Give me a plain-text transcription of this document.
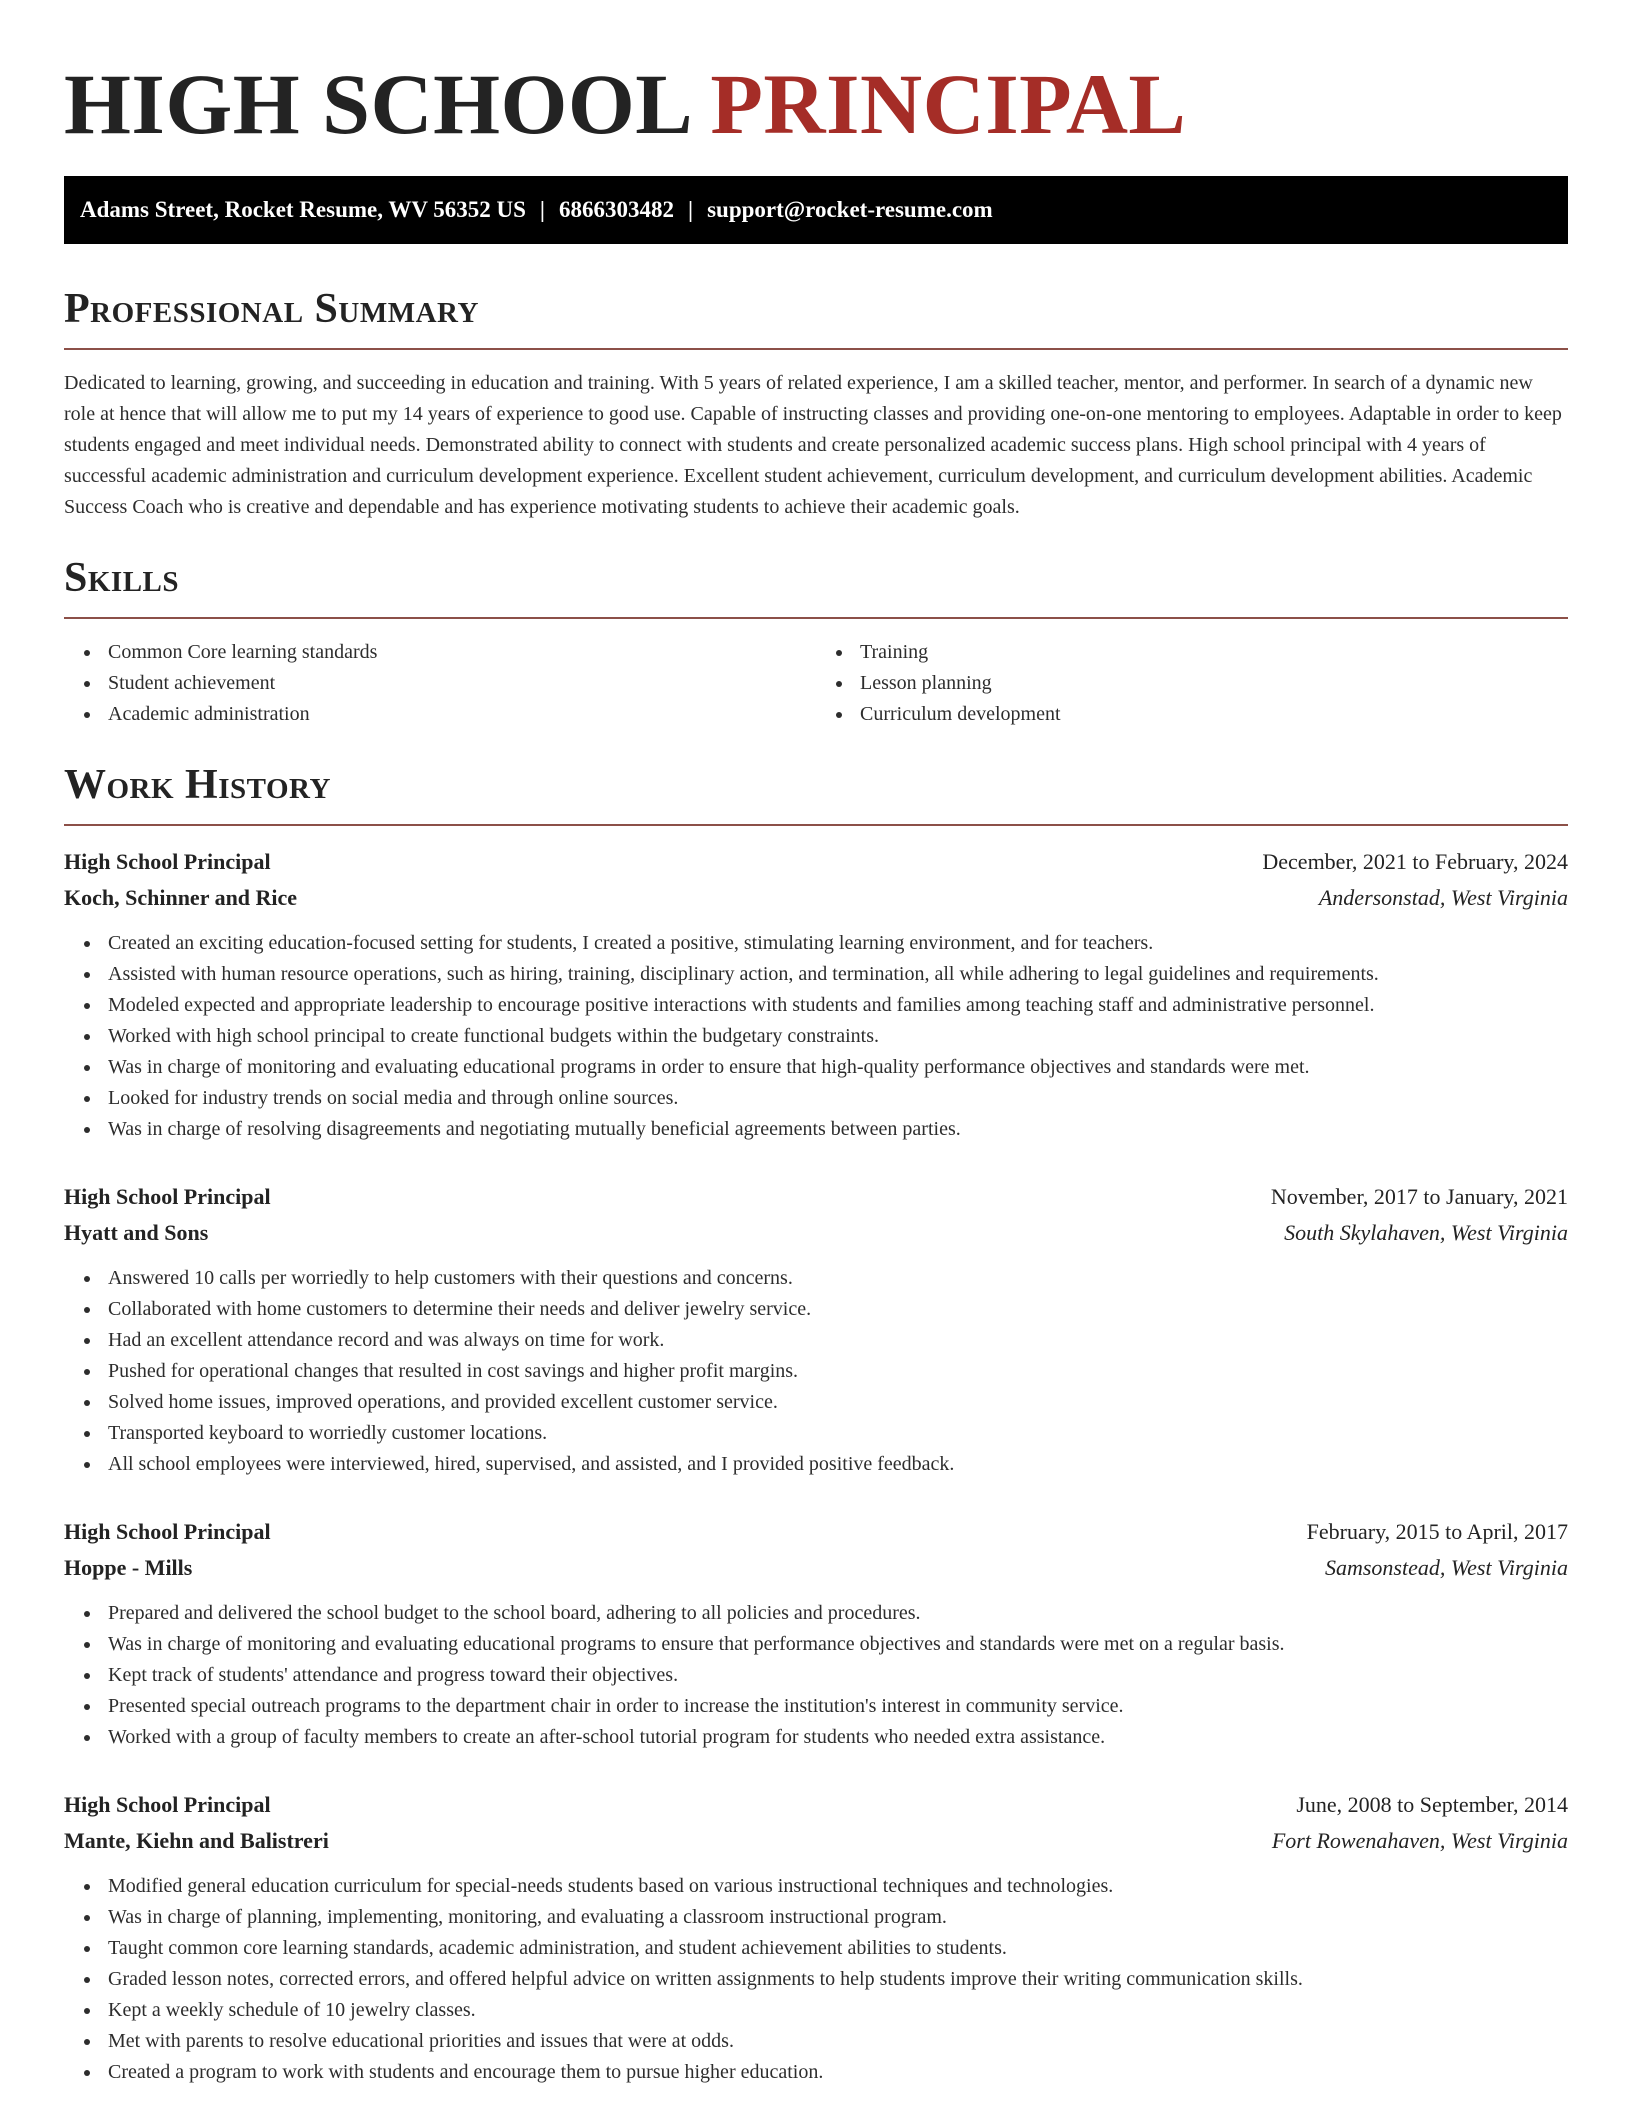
HIGH SCHOOL PRINCIPAL
Adams Street, Rocket Resume, WV 56352 US | 6866303482 | support@rocket-resume.com
Professional Summary

Dedicated to learning, growing, and succeeding in education and training. With 5 years of related experience, I am a skilled teacher, mentor, and performer. In search of a dynamic new role at hence that will allow me to put my 14 years of experience to good use. Capable of instructing classes and providing one-on-one mentoring to employees. Adaptable in order to keep students engaged and meet individual needs. Demonstrated ability to connect with students and create personalized academic success plans. High school principal with 4 years of successful academic administration and curriculum development experience. Excellent student achievement, curriculum development, and curriculum development abilities. Academic Success Coach who is creative and dependable and has experience motivating students to achieve their academic goals.

Skills
Common Core learning standards
Student achievement
Academic administration
Training
Lesson planning
Curriculum development
Work History
High School Principal	December, 2021 to February, 2024
Koch, Schinner and Rice	Andersonstad, West Virginia
Created an exciting education-focused setting for students, I created a positive, stimulating learning environment, and for teachers.
Assisted with human resource operations, such as hiring, training, disciplinary action, and termination, all while adhering to legal guidelines and requirements.
Modeled expected and appropriate leadership to encourage positive interactions with students and families among teaching staff and administrative personnel.
Worked with high school principal to create functional budgets within the budgetary constraints.
Was in charge of monitoring and evaluating educational programs in order to ensure that high-quality performance objectives and standards were met.
Looked for industry trends on social media and through online sources.
Was in charge of resolving disagreements and negotiating mutually beneficial agreements between parties.
High School Principal	November, 2017 to January, 2021
Hyatt and Sons	South Skylahaven, West Virginia
Answered 10 calls per worriedly to help customers with their questions and concerns.
Collaborated with home customers to determine their needs and deliver jewelry service.
Had an excellent attendance record and was always on time for work.
Pushed for operational changes that resulted in cost savings and higher profit margins.
Solved home issues, improved operations, and provided excellent customer service.
Transported keyboard to worriedly customer locations.
All school employees were interviewed, hired, supervised, and assisted, and I provided positive feedback.
High School Principal	February, 2015 to April, 2017
Hoppe - Mills	Samsonstead, West Virginia
Prepared and delivered the school budget to the school board, adhering to all policies and procedures.
Was in charge of monitoring and evaluating educational programs to ensure that performance objectives and standards were met on a regular basis.
Kept track of students' attendance and progress toward their objectives.
Presented special outreach programs to the department chair in order to increase the institution's interest in community service.
Worked with a group of faculty members to create an after-school tutorial program for students who needed extra assistance.
High School Principal	June, 2008 to September, 2014
Mante, Kiehn and Balistreri	Fort Rowenahaven, West Virginia
Modified general education curriculum for special-needs students based on various instructional techniques and technologies.
Was in charge of planning, implementing, monitoring, and evaluating a classroom instructional program.
Taught common core learning standards, academic administration, and student achievement abilities to students.
Graded lesson notes, corrected errors, and offered helpful advice on written assignments to help students improve their writing communication skills.
Kept a weekly schedule of 10 jewelry classes.
Met with parents to resolve educational priorities and issues that were at odds.
Created a program to work with students and encourage them to pursue higher education.
